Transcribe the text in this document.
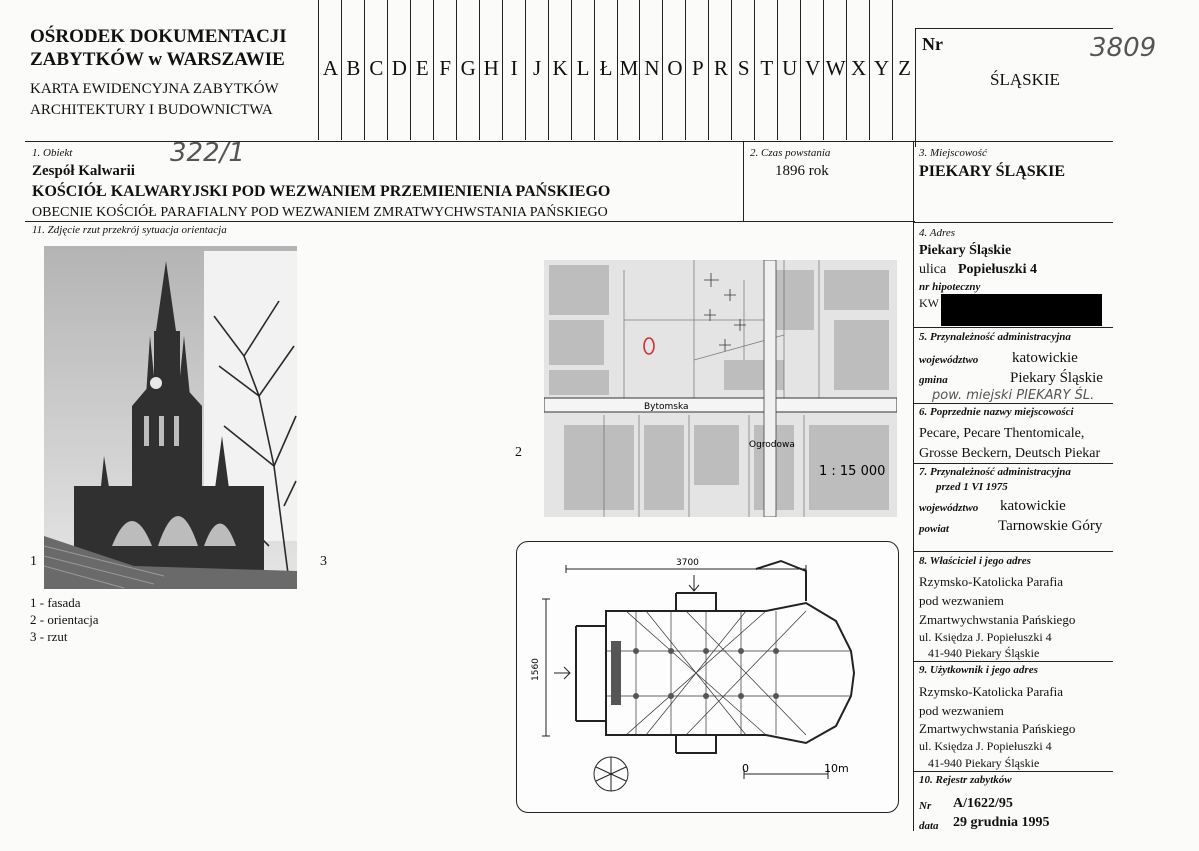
OŚRODEK DOKUMENTACJI
ZABYTKÓW w WARSZAWIE
KARTA EWIDENCYJNA ZABYTKÓW
ARCHITEKTURY I BUDOWNICTWA
A B C D E F G H I J K L Ł M N O P R S T U V W X Y Z
Nr	3809
ŚLĄSKIE
1. Obiekt	322/1
Zespół Kalwarii
KOŚCIÓŁ KALWARYJSKI POD WEZWANIEM PRZEMIENIENIA PAŃSKIEGO
OBECNIE KOŚCIÓŁ PARAFIALNY POD WEZWANIEM ZMRATWYCHWSTANIA PAŃSKIEGO
2. Czas powstania
1896 rok
3. Miejscowość
PIEKARY ŚLĄSKIE
11. Zdjęcie rzut przekrój sytuacja orientacja
1	3
2
1 - fasada
2 - orientacja
3 - rzut
Bytomska
Ogrodowa
1 : 15 000
3700
1560
0	10m
4. Adres
Piekary Śląskie
ulica Popiełuszki 4
nr hipoteczny
KW
5. Przynależność administracyjna
województwo katowickie
gmina	Piekary Śląskie
pow. miejski PIEKARY ŚL.
6. Poprzednie nazwy miejscowości
Pecare, Pecare Thentomicale,
Grosse Beckern, Deutsch Piekar
7. Przynależność administracyjna
przed 1 VI 1975
województwo katowickie
powiat	Tarnowskie Góry
8. Właściciel i jego adres
Rzymsko-Katolicka Parafia
pod wezwaniem
Zmartwychwstania Pańskiego
ul. Księdza J. Popiełuszki 4
41-940 Piekary Śląskie
9. Użytkownik i jego adres
Rzymsko-Katolicka Parafia
pod wezwaniem
Zmartwychwstania Pańskiego
ul. Księdza J. Popiełuszki 4
41-940 Piekary Śląskie
10. Rejestr zabytków
Nr A/1622/95
data 29 grudnia 1995
